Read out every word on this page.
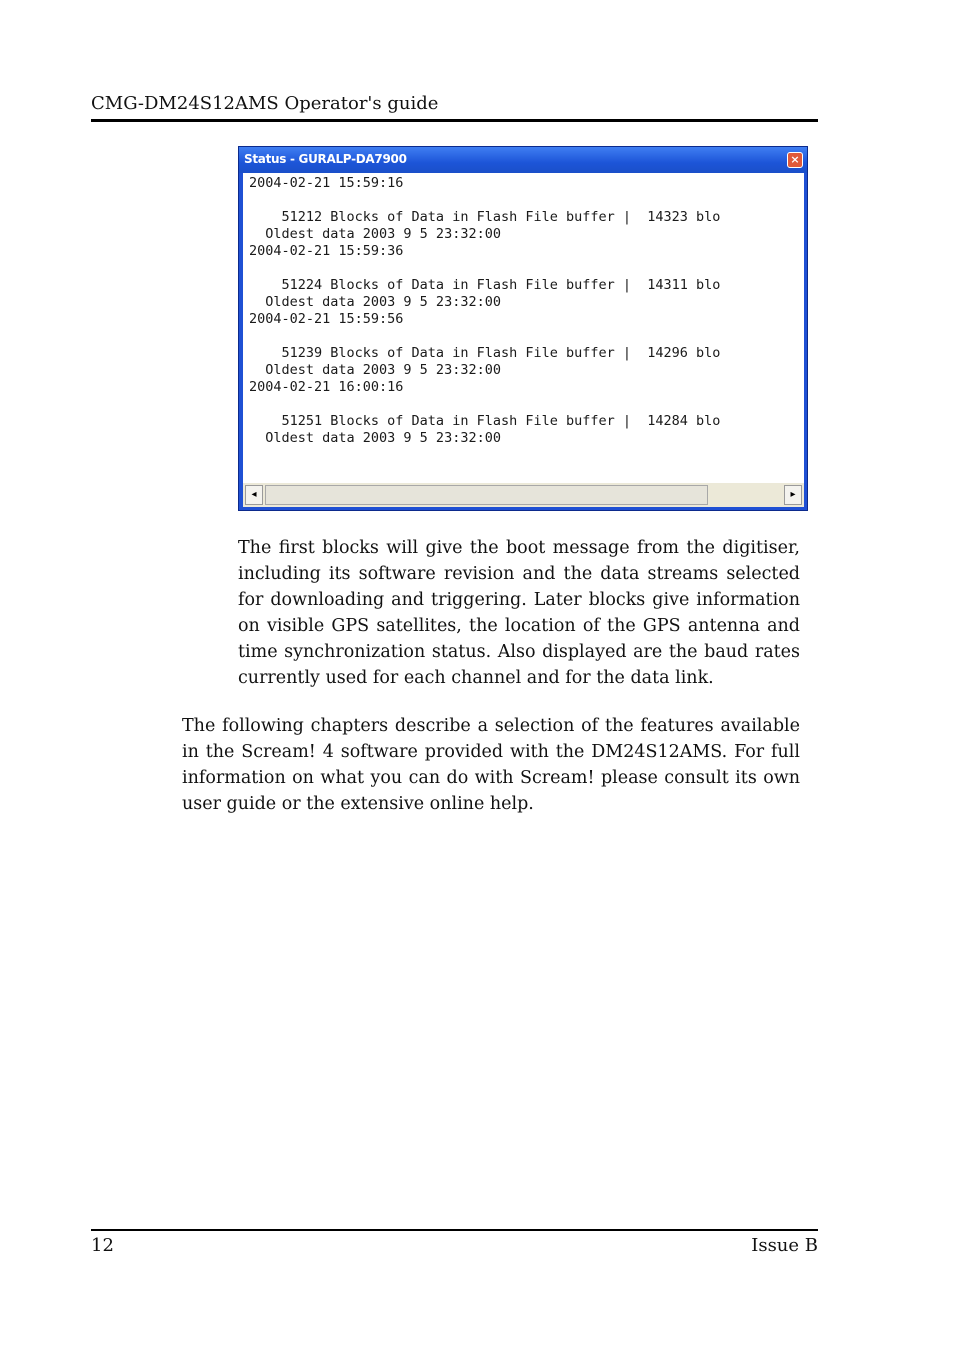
CMG-DM24S12AMS Operator's guide
Status - GURALP-DA7900	×
2004-02-21 15:59:16
51212 Blocks of Data in Flash File buffer |  14323 blo
Oldest data 2003 9 5 23:32:00
2004-02-21 15:59:36
51224 Blocks of Data in Flash File buffer |  14311 blo
Oldest data 2003 9 5 23:32:00
2004-02-21 15:59:56
51239 Blocks of Data in Flash File buffer |  14296 blo
Oldest data 2003 9 5 23:32:00
2004-02-21 16:00:16
51251 Blocks of Data in Flash File buffer |  14284 blo
Oldest data 2003 9 5 23:32:00
◂	▸

The first blocks will give the boot message from the digitiser, including its software revision and the data streams selected for downloading and triggering. Later blocks give information on visible GPS satellites, the location of the GPS antenna and time synchronization status. Also displayed are the baud rates currently used for each channel and for the data link.

The following chapters describe a selection of the features available in the Scream! 4 software provided with the DM24S12AMS. For full information on what you can do with Scream! please consult its own user guide or the extensive online help.

12	Issue B
